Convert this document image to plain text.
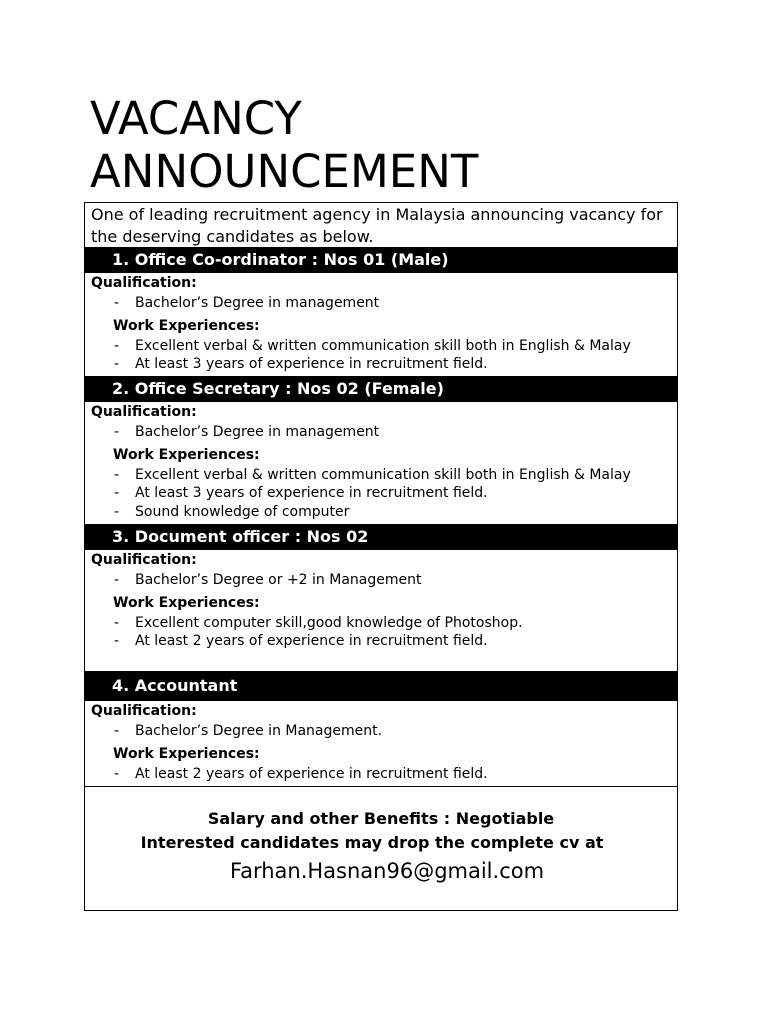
VACANCY
ANNOUNCEMENT
One of leading recruitment agency in Malaysia announcing vacancy for the deserving candidates as below.
1. Office Co-ordinator : Nos 01 (Male)
Qualification:
- Bachelor’s Degree in management
Work Experiences:
- Excellent verbal & written communication skill both in English & Malay
- At least 3 years of experience in recruitment field.
2. Office Secretary : Nos 02 (Female)
Qualification:
- Bachelor’s Degree in management
Work Experiences:
- Excellent verbal & written communication skill both in English & Malay
- At least 3 years of experience in recruitment field.
- Sound knowledge of computer
3. Document officer : Nos 02
Qualification:
- Bachelor’s Degree or +2 in Management
Work Experiences:
- Excellent computer skill,good knowledge of Photoshop.
- At least 2 years of experience in recruitment field.
4. Accountant
Qualification:
- Bachelor’s Degree in Management.
Work Experiences:
- At least 2 years of experience in recruitment field.
Salary and other Benefits : Negotiable
Interested candidates may drop the complete cv at
Farhan.Hasnan96@gmail.com
